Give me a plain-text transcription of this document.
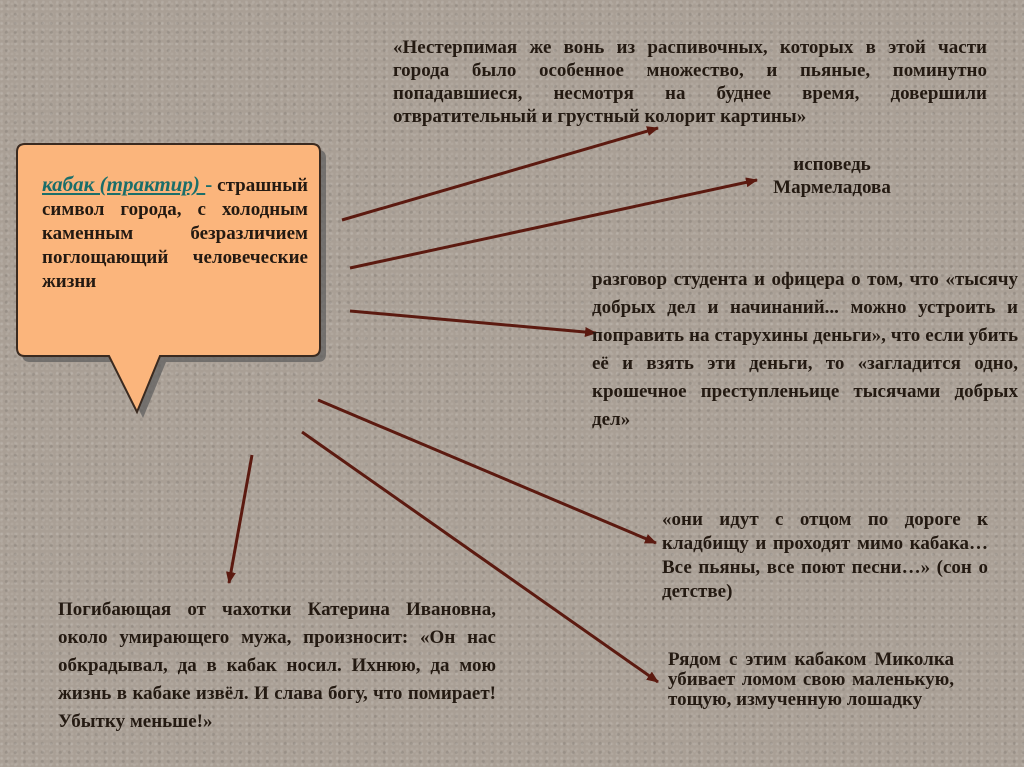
кабак (трактир) - страшный символ города, с холодным каменным безразличием поглощающий человеческие жизни

«Нестерпимая же вонь из распивочных, которых в этой части города было особенное множество, и пьяные, поминутно попадавшиеся, несмотря на буднее время, довершили отвратительный и грустный колорит картины»

исповедь Мармеладова

разговор студента и офицера о том, что «тысячу добрых дел и начинаний... можно устроить и поправить на старухины деньги», что если убить её и взять эти деньги, то «загладится одно, крошечное преступленьице тысячами добрых дел»

«они идут с отцом по дороге к кладбищу и проходят мимо кабака… Все пьяны, все поют песни…» (сон о детстве)

Рядом с этим кабаком Миколка убивает ломом свою маленькую, тощую, измученную лошадку

Погибающая от чахотки Катерина Ивановна, около умирающего мужа, произносит: «Он нас обкрадывал, да в кабак носил. Ихнюю, да мою жизнь в кабаке извёл. И слава богу, что помирает! Убытку меньше!»
